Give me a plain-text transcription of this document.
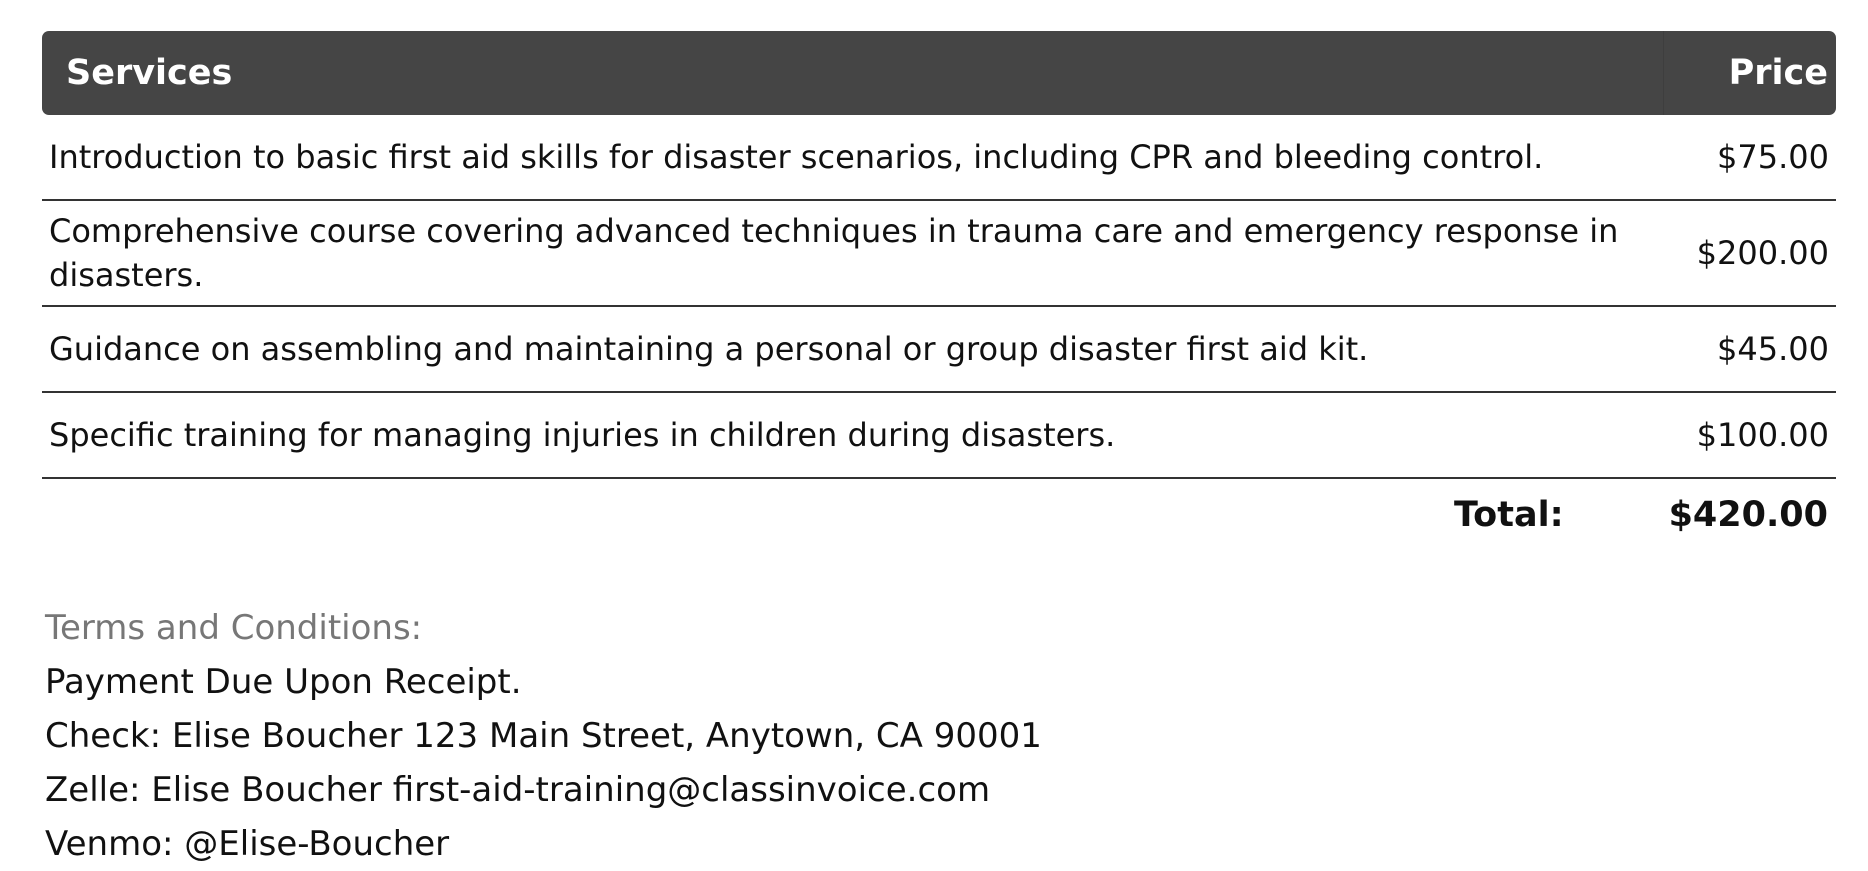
Services	Price
Introduction to basic first aid skills for disaster scenarios, including CPR and bleeding control.	$75.00
Comprehensive course covering advanced techniques in trauma care and emergency response in disasters.	$200.00
Guidance on assembling and maintaining a personal or group disaster first aid kit.	$45.00
Specific training for managing injuries in children during disasters.	$100.00
Total:	$420.00
Terms and Conditions:
Payment Due Upon Receipt.
Check: Elise Boucher 123 Main Street, Anytown, CA 90001
Zelle: Elise Boucher first-aid-training@classinvoice.com
Venmo: @Elise-Boucher
